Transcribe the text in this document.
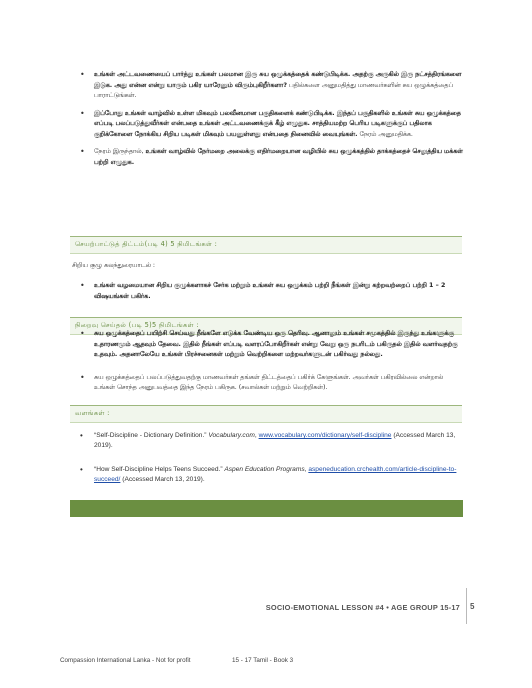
• உங்கள் அட்டவணையைப் பார்த்து உங்கள் பலமான இரு சுய ஒழுக்கத்தைக் கண்டுபிடிக்க. அதற்கு அருகில் இரு நட்சத்திரங்களை இடுக. அது என்ன என்று யாரும் பகிர யாரேனும் விரும்புகிறீர்களா? பதில்களை அனுமதித்து மாணவர்களின் சுய ஒழுக்கத்தைப் பாராட்டுங்கள்.
• இப்போது உங்கள் வாழ்வில் உள்ள மிகவும் பலவீனமான பகுதிகளைக் கண்டுபிடிக்க. இந்தப் பகுதிகளில் உங்கள் சுய ஒழுக்கத்தை எப்படி பலப்படுத்துவீர்கள் என்பதை உங்கள் அட்டவணைக்குக் கீழ் எழுதுக. சாத்தியமற்ற பெரிய படிகளுக்குப் பதிலாக குறிக்கோளை நோக்கிய சிறிய படிகள் மிகவும் பயனுள்ளது என்பதை நினைவில் வையுங்கள். நேரம் அனுமதிக்க.
• நேரம் இருந்தால், உங்கள் வாழ்வில் நேர்மறை அலைக்கு எதிர்மறையான வழியில் சுய ஒழுக்கத்தில் தாக்கத்தைச் செலுத்திய மக்கள் பற்றி எழுதுக.
செயற்பாட்டுத் திட்டம்(படி 4) 5 நிமிடங்கள் :
சிறிய குழு கலந்துரையாடல் :
• உங்கள் வழமையான சிறிய குழுக்களாகச் சேர்க மற்றும் உங்கள் சுய ஒழுக்கம் பற்றி நீங்கள் இன்று கற்றவற்றைப் பற்றி 1 – 2 விஷயங்கள் பகிர்க.
நிறைவு செய்தல் (படி 5)5 நிமிடங்கள் :
• சுய ஒழுக்கத்தைப் பயிற்சி செய்வது நீங்களே எடுக்க வேண்டிய ஒரு தெரிவு. ஆனாலும் உங்கள் சமூகத்தில் இருந்து உங்களுக்கு உதாரணமும் ஆதவும் தேவை. இதில் நீங்கள் எப்படி வளரப்போகிறீர்கள் என்று வேறு ஒரு நபரிடம் பகிருதல் இதில் வளர்வதற்கு உதவும். அதனாலேயே உங்கள் பிரச்சனைகள் மற்றும் வெற்றிகளை மற்றவர்களுடன் பகிர்வது நல்லது.
• சுய ஒழுக்கத்தைப் பலப்படுத்துவதற்கு மாணவர்கள் தங்கள் திட்டத்தைப் பகிர்க் கேளுங்கள். அவர்கள் பகிரவில்லை என்றால் உங்கள் சொந்த அனுபவத்தை இந்த நேரம் பகிருக. (சவால்கள் மற்றும் வெற்றிகள்).
வளங்கள் :
• “Self-Discipline - Dictionary Definition.” Vocabulary.com, www.vocabulary.com/dictionary/self-discipline (Accessed March 13, 2019).
• “How Self-Discipline Helps Teens Succeed.” Aspen Education Programs, aspeneducation.crchealth.com/article-discipline-to-succeed/ (Accessed March 13, 2019).
SOCIO-EMOTIONAL LESSON #4 • AGE GROUP 15-17 5
Compassion International Lanka - Not for profit	15 - 17 Tamil - Book 3
